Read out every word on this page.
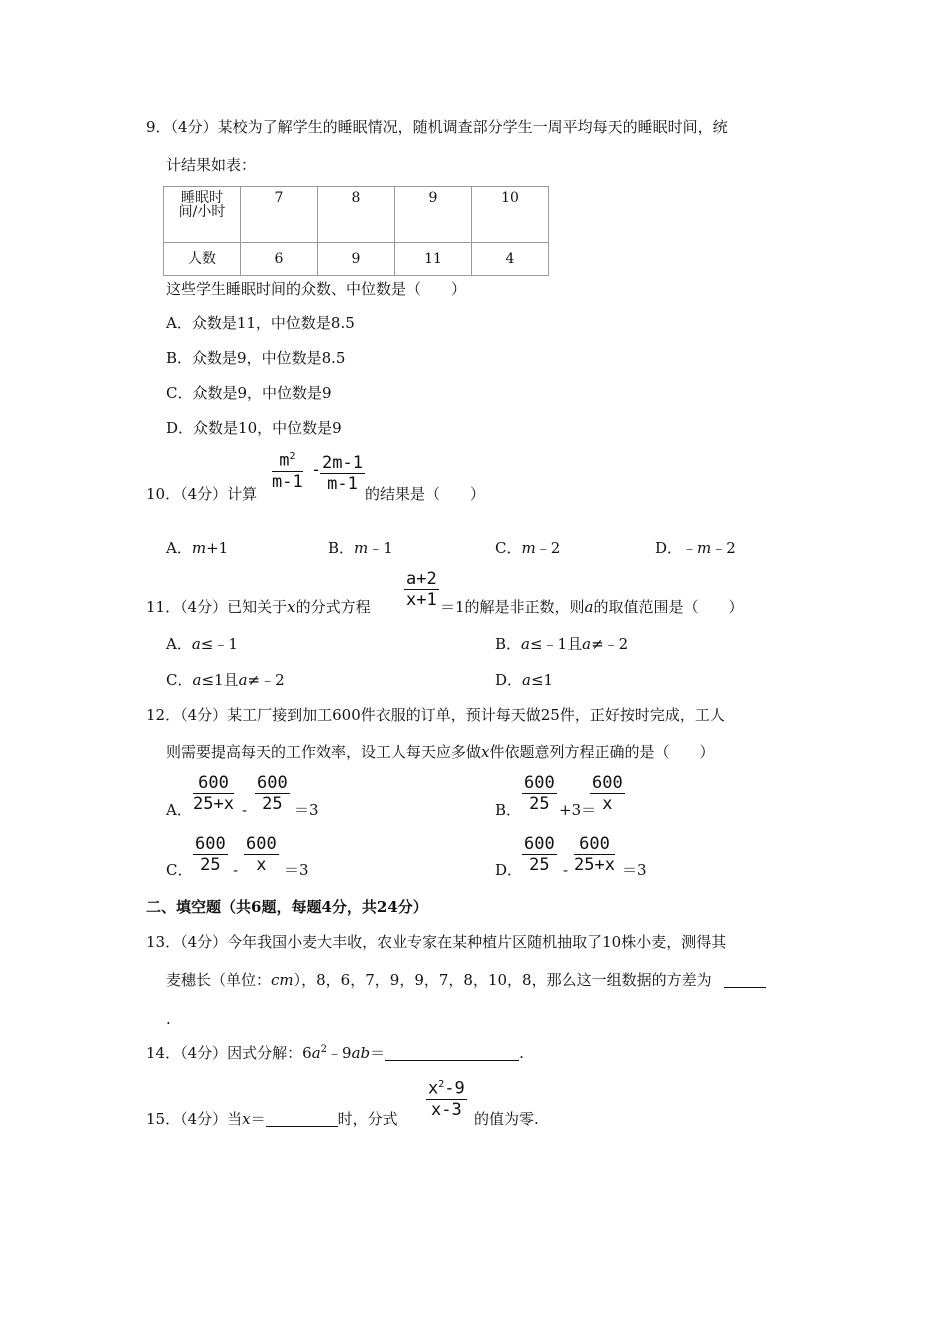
9．（4分）某校为了解学生的睡眠情况，随机调查部分学生一周平均每天的睡眠时间，统
计结果如表：
睡眠时
间/小时	7	8	9	10
人数	6	9	11	4
这些学生睡眠时间的众数、中位数是（　　）
A．众数是11，中位数是8.5
B．众数是9，中位数是8.5
C．众数是9，中位数是9
D．众数是10，中位数是9
10．（4分）计算
$\frac{m^2}{m-1}$ -
$\frac{2m-1}{m-1}$
的结果是（　　）
A．m+1	B．m﹣1	C．m﹣2	D．﹣m﹣2
11．（4分）已知关于x的分式方程 $\frac{a+2}{x+1} =1$的解是非正数，则a的取值范围是（　　）
A．a≤﹣1	B．a≤﹣1且a≠﹣2
C．a≤1且a≠﹣2	D．a≤1
12．（4分）某工厂接到加工600件衣服的订单，预计每天做25件，正好按时完成，工人
则需要提高每天的工作效率，设工人每天应多做x件依题意列方程正确的是（　　）
A． $\frac{600}{25+x} - \frac{600}{25} =3$	B． $\frac{600}{25} +3=$
$\frac{600}{x}$
C． $\frac{600}{25} - \frac{600}{x} =3$	D． $\frac{600}{25} - \frac{600}{25+x} =3$
二、填空题（共6题，每题4分，共24分）
13．（4分）今年我国小麦大丰收，农业专家在某种植片区随机抽取了10株小麦，测得其
麦穗长（单位：cm），8，6，7，9，9，7，8，10，8，那么这一组数据的方差为
.
14．（4分）因式分解：$6a^2﹣9ab=$	.
15．（4分）当x＝	时，分式
$\frac{x^2-9}{x-3}$
的值为零.
